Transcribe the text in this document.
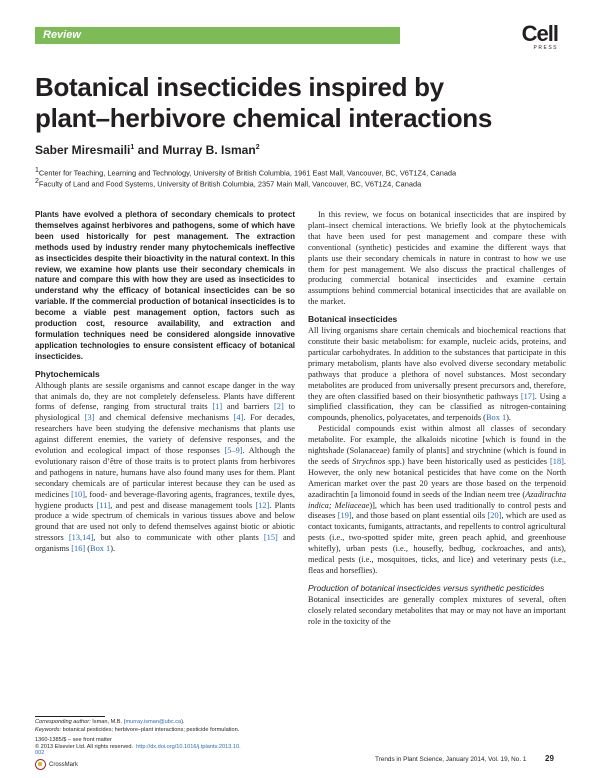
Review	Cell
PRESS
Botanical insecticides inspired by
plant–herbivore chemical interactions
Saber Miresmaili$^1$ and Murray B. Isman$^2$
$^1$Center for Teaching, Learning and Technology, University of British Columbia, 1961 East Mall, Vancouver, BC, V6T1Z4, Canada
$^2$Faculty of Land and Food Systems, University of British Columbia, 2357 Main Mall, Vancouver, BC, V6T1Z4, Canada

Plants have evolved a plethora of secondary chemicals to protect themselves against herbivores and pathogens, some of which have been used historically for pest management. The extraction methods used by industry render many phytochemicals ineffective as insecticides despite their bioactivity in the natural context. In this review, we examine how plants use their secondary chemicals in nature and compare this with how they are used as insecticides to understand why the efficacy of botanical insecticides can be so variable. If the commercial production of botanical insecticides is to become a viable pest management option, factors such as production cost, resource availability, and extraction and formulation techniques need be considered alongside innovative application technologies to ensure consistent efficacy of botanical insecticides.

Phytochemicals

Although plants are sessile organisms and cannot escape danger in the way that animals do, they are not completely defenseless. Plants have different forms of defense, ranging from structural traits [1] and barriers [2] to physiological [3] and chemical defensive mechanisms [4]. For decades, researchers have been studying the defensive mechanisms that plants use against different enemies, the variety of defensive responses, and the evolution and ecological impact of those responses [5–9]. Although the evolutionary raison d’être of those traits is to protect plants from herbivores and pathogens in nature, humans have also found many uses for them. Plant secondary chemicals are of particular interest because they can be used as medicines [10], food- and beverage-flavoring agents, fragrances, textile dyes, hygiene products [11], and pest and disease management tools [12]. Plants produce a wide spectrum of chemicals in various tissues above and below ground that are used not only to defend themselves against biotic or abiotic stressors [13,14], but also to communicate with other plants [15] and organisms [16] (Box 1).

In this review, we focus on botanical insecticides that are inspired by plant–insect chemical interactions. We briefly look at the phytochemicals that have been used for pest management and compare these with conventional (synthetic) pesticides and examine the different ways that plants use their secondary chemicals in nature in contrast to how we use them for pest management. We also discuss the practical challenges of producing commercial botanical insecticides and examine certain assumptions behind commercial botanical insecticides that are available on the market.

Botanical insecticides

All living organisms share certain chemicals and biochemical reactions that constitute their basic metabolism: for example, nucleic acids, proteins, and particular carbohydrates. In addition to the substances that participate in this primary metabolism, plants have also evolved diverse secondary metabolic pathways that produce a plethora of novel substances. Most secondary metabolites are produced from universally present precursors and, therefore, they are often classified based on their biosynthetic pathways [17]. Using a simplified classification, they can be classified as nitrogen-containing compounds, phenolics, polyacetates, and terpenoids (Box 1).

Pesticidal compounds exist within almost all classes of secondary metabolite. For example, the alkaloids nicotine [which is found in the nightshade (Solanaceae) family of plants] and strychnine (which is found in the seeds of Strychnos spp.) have been historically used as pesticides [18]. However, the only new botanical pesticides that have come on the North American market over the past 20 years are those based on the terpenoid azadirachtin [a limonoid found in seeds of the Indian neem tree (Azadirachta indica; Meliaceae)], which has been used traditionally to control pests and diseases [19], and those based on plant essential oils [20], which are used as contact toxicants, fumigants, attractants, and repellents to control agricultural pests (i.e., two-spotted spider mite, green peach aphid, and greenhouse whitefly), urban pests (i.e., housefly, bedbug, cockroaches, and ants), medical pests (i.e., mosquitoes, ticks, and lice) and veterinary pests (i.e., fleas and horseflies).

Production of botanical insecticides versus synthetic pesticides

Botanical insecticides are generally complex mixtures of several, often closely related secondary metabolites that may or may not have an important role in the toxicity of the

Corresponding author: Isman, M.B. (murray.isman@ubc.ca).
Keywords: botanical pesticides; herbivore–plant interactions; pesticide formulation.
1360-1385/$ – see front matter
© 2013 Elsevier Ltd. All rights reserved.  http://dx.doi.org/10.1016/j.tplants.2013.10.
002
CrossMark
Trends in Plant Science, January 2014, Vol. 19, No. 1 29
